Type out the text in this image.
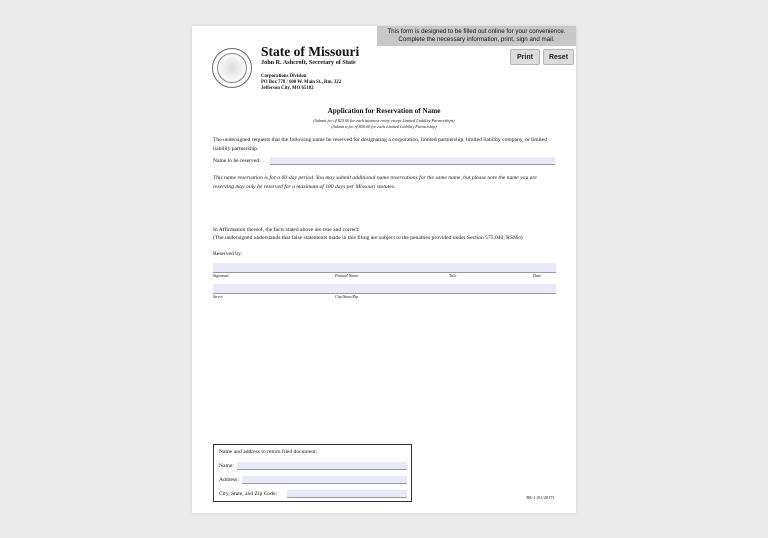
This form is designed to be filled out online for your convenience.
Complete the necessary information, print, sign and mail.
Print	Reset
State of Missouri
John R. Ashcroft, Secretary of State
Corporations Division
PO Box 778 / 600 W. Main St., Rm. 322
Jefferson City, MO 65102
Application for Reservation of Name
(Submit fee of $25.00 for each business entity except Limited Liability Partnerships)
(Submit a fee of $50.00 for each Limited Liability Partnership)
The undersigned requests that the following name be reserved for designating a corporation, limited partnership, limited liability company, or limited liability partnership.
Name to be reserved:
This name reservation is for a 60-day period. You may submit additional name reservations for the same name, but please note the name you are reserving may only be reserved for a maximum of 180 days per Missouri statutes.
In Affirmation thereof, the facts stated above are true and correct:
(The undersigned understands that false statements made in this filing are subject to the penalties provided under Section 575.040, RSMo)
Reserved by:
Signature	Printed Name	Title	Date
Street	City/State/Zip
Name and address to return filed document:
Name:
Address:
City, State, and Zip Code:
RE-1 (01/2017)
